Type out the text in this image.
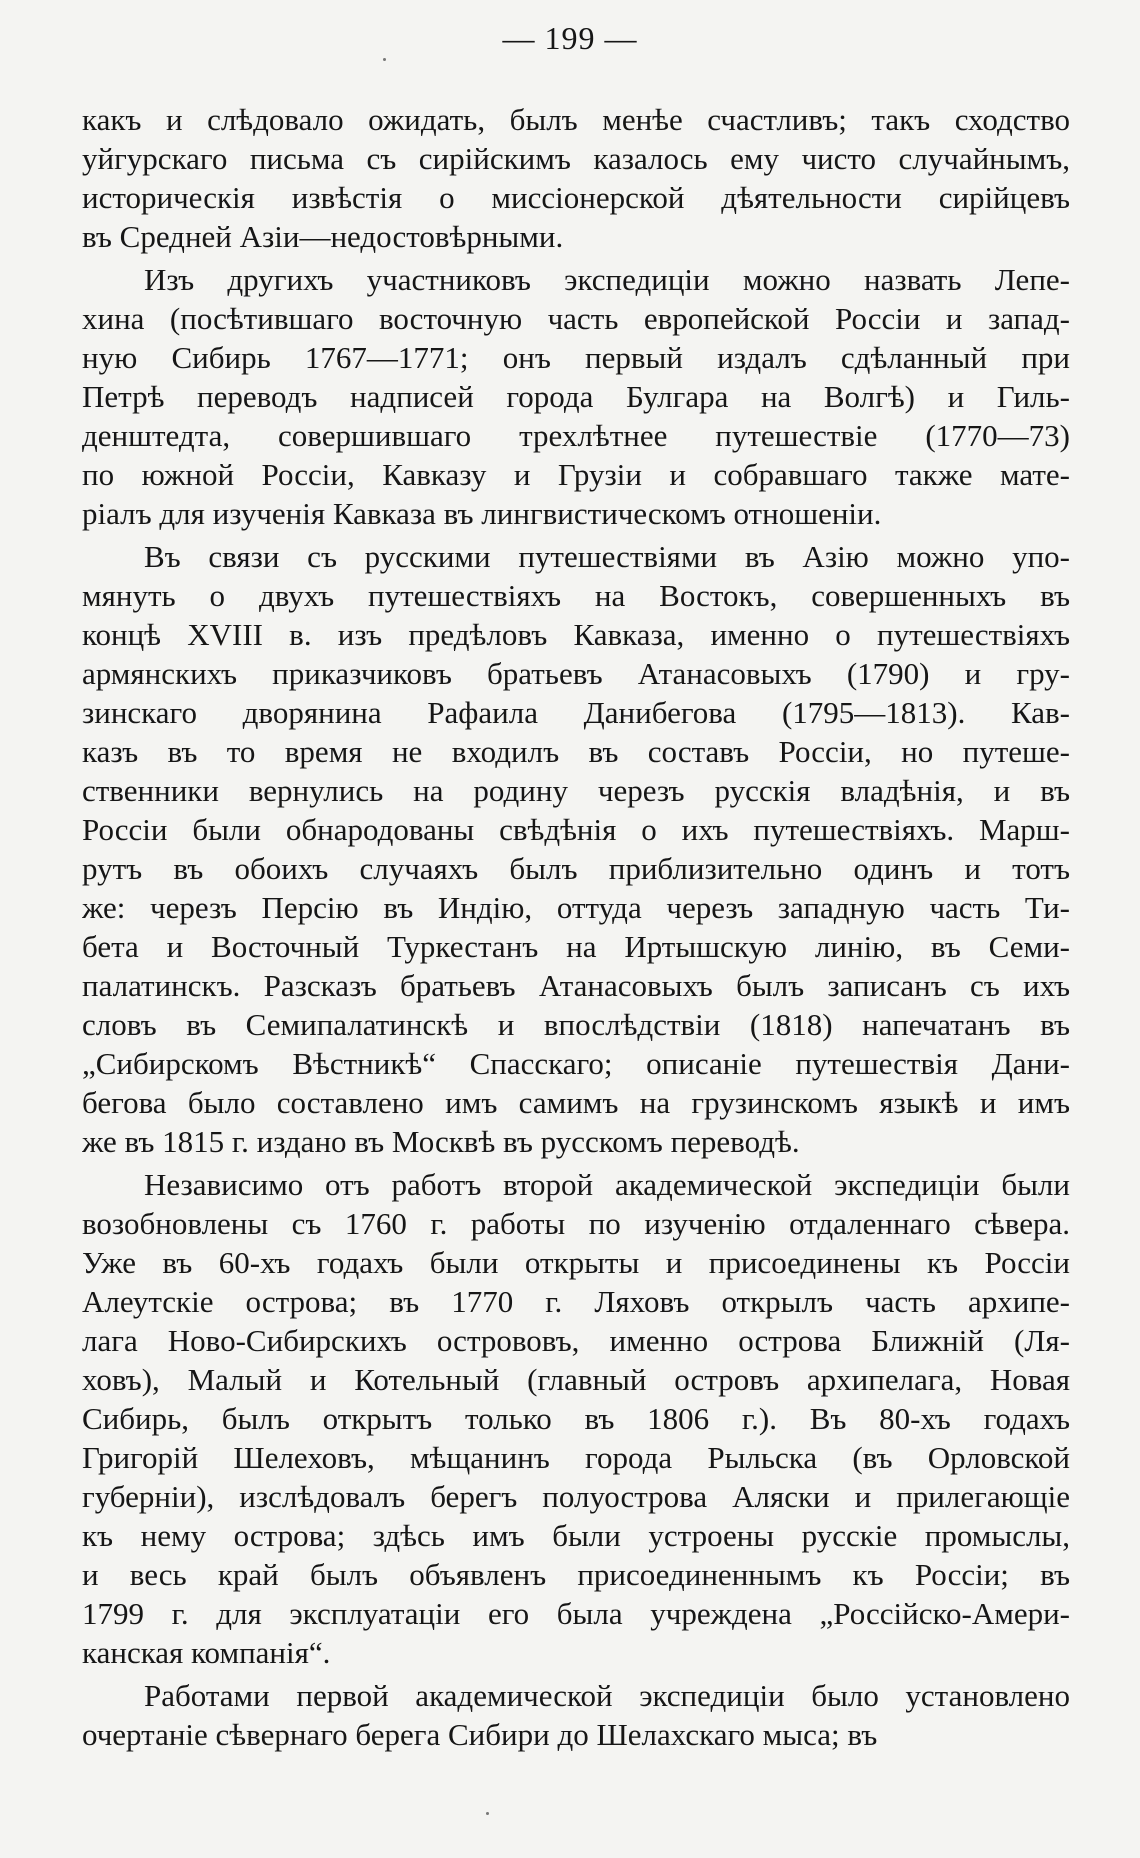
— 199 —
какъ и слѣдовало ожидать, былъ менѣе счастливъ; такъ сходство
уйгурскаго письма съ сирійскимъ казалось ему чисто случайнымъ,
историческія извѣстія о миссіонерской дѣятельности сирійцевъ
въ Средней Азіи—недостовѣрными.
Изъ другихъ участниковъ экспедиціи можно назвать Лепе-
хина (посѣтившаго восточную часть европейской Россіи и запад-
ную Сибирь 1767—1771; онъ первый издалъ сдѣланный при
Петрѣ переводъ надписей города Булгара на Волгѣ) и Гиль-
денштедта, совершившаго трехлѣтнее путешествіе (1770—73)
по южной Россіи, Кавказу и Грузіи и собравшаго также мате-
ріалъ для изученія Кавказа въ лингвистическомъ отношеніи.
Въ связи съ русскими путешествіями въ Азію можно упо-
мянуть о двухъ путешествіяхъ на Востокъ, совершенныхъ въ
концѣ XVIII в. изъ предѣловъ Кавказа, именно о путешествіяхъ
армянскихъ приказчиковъ братьевъ Атанасовыхъ (1790) и гру-
зинскаго дворянина Рафаила Данибегова (1795—1813). Кав-
казъ въ то время не входилъ въ составъ Россіи, но путеше-
ственники вернулись на родину черезъ русскія владѣнія, и въ
Россіи были обнародованы свѣдѣнія о ихъ путешествіяхъ. Марш-
рутъ въ обоихъ случаяхъ былъ приблизительно одинъ и тотъ
же: черезъ Персію въ Индію, оттуда черезъ западную часть Ти-
бета и Восточный Туркестанъ на Иртышскую линію, въ Семи-
палатинскъ. Разсказъ братьевъ Атанасовыхъ былъ записанъ съ ихъ
словъ въ Семипалатинскѣ и впослѣдствіи (1818) напечатанъ въ
„Сибирскомъ Вѣстникѣ“ Спасскаго; описаніе путешествія Дани-
бегова было составлено имъ самимъ на грузинскомъ языкѣ и имъ
же въ 1815 г. издано въ Москвѣ въ русскомъ переводѣ.
Независимо отъ работъ второй академической экспедиціи были
возобновлены съ 1760 г. работы по изученію отдаленнаго сѣвера.
Уже въ 60-хъ годахъ были открыты и присоединены къ Россіи
Алеутскіе острова; въ 1770 г. Ляховъ открылъ часть архипе-
лага Ново-Сибирскихъ острововъ, именно острова Ближній (Ля-
ховъ), Малый и Котельный (главный островъ архипелага, Новая
Сибирь, былъ открытъ только въ 1806 г.). Въ 80-хъ годахъ
Григорій Шелеховъ, мѣщанинъ города Рыльска (въ Орловской
губерніи), изслѣдовалъ берегъ полуострова Аляски и прилегающіе
къ нему острова; здѣсь имъ были устроены русскіе промыслы,
и весь край былъ объявленъ присоединеннымъ къ Россіи; въ
1799 г. для эксплуатаціи его была учреждена „Россійско-Амери-
канская компанія“.
Работами первой академической экспедиціи было установлено
очертаніе сѣвернаго берега Сибири до Шелахскаго мыса; въ
